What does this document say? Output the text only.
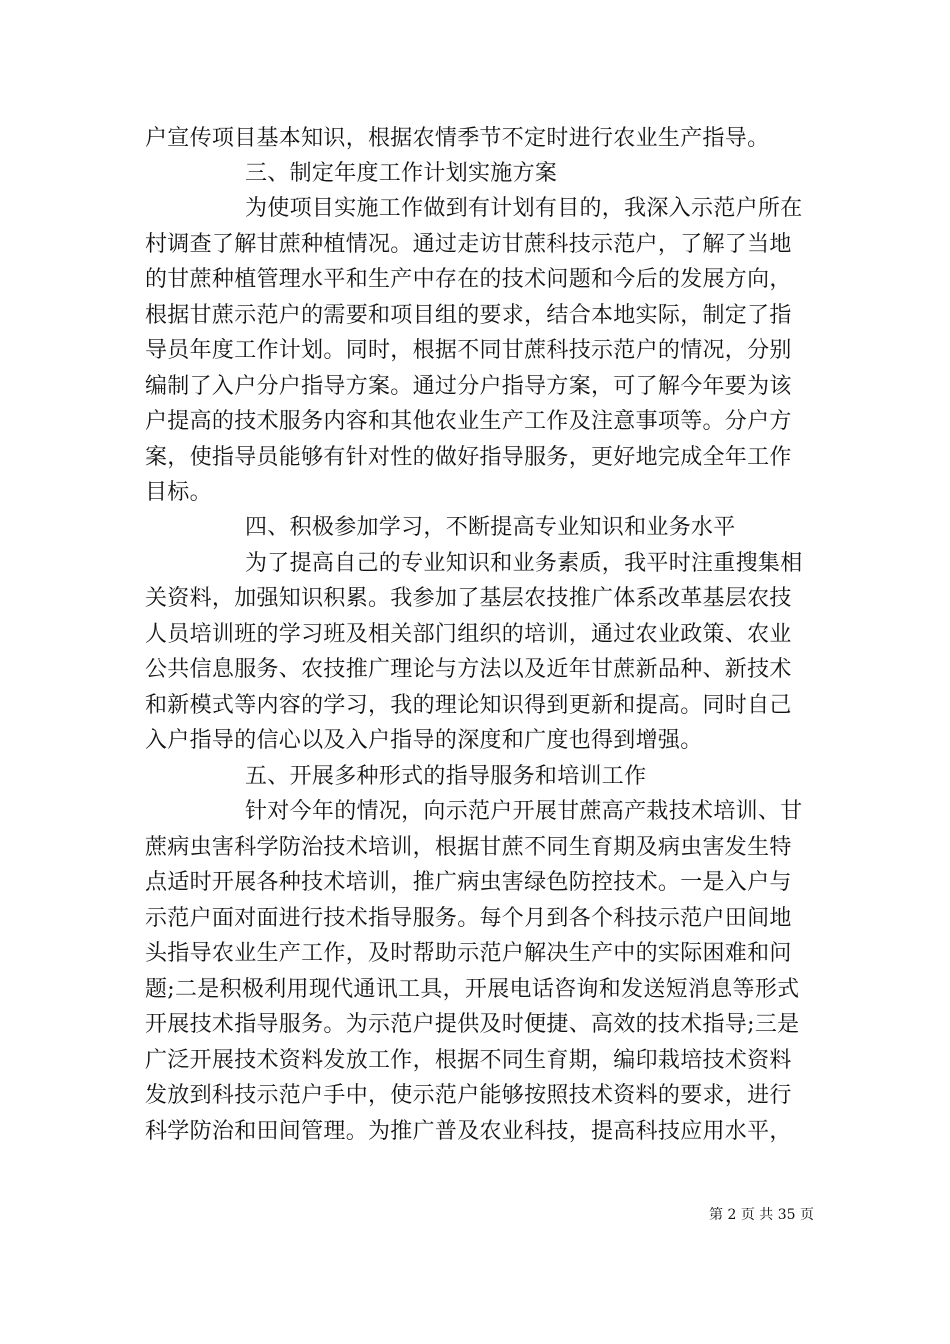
户宣传项目基本知识，根据农情季节不定时进行农业生产指导。
三、制定年度工作计划实施方案
为使项目实施工作做到有计划有目的，我深入示范户所在
村调查了解甘蔗种植情况。通过走访甘蔗科技示范户，了解了当地
的甘蔗种植管理水平和生产中存在的技术问题和今后的发展方向，
根据甘蔗示范户的需要和项目组的要求，结合本地实际，制定了指
导员年度工作计划。同时，根据不同甘蔗科技示范户的情况，分别
编制了入户分户指导方案。通过分户指导方案，可了解今年要为该
户提高的技术服务内容和其他农业生产工作及注意事项等。分户方
案，使指导员能够有针对性的做好指导服务，更好地完成全年工作
目标。
四、积极参加学习，不断提高专业知识和业务水平
为了提高自己的专业知识和业务素质，我平时注重搜集相
关资料，加强知识积累。我参加了基层农技推广体系改革基层农技
人员培训班的学习班及相关部门组织的培训，通过农业政策、农业
公共信息服务、农技推广理论与方法以及近年甘蔗新品种、新技术
和新模式等内容的学习，我的理论知识得到更新和提高。同时自己
入户指导的信心以及入户指导的深度和广度也得到增强。
五、开展多种形式的指导服务和培训工作
针对今年的情况，向示范户开展甘蔗高产栽技术培训、甘
蔗病虫害科学防治技术培训，根据甘蔗不同生育期及病虫害发生特
点适时开展各种技术培训，推广病虫害绿色防控技术。一是入户与
示范户面对面进行技术指导服务。每个月到各个科技示范户田间地
头指导农业生产工作，及时帮助示范户解决生产中的实际困难和问
题;二是积极利用现代通讯工具，开展电话咨询和发送短消息等形式
开展技术指导服务。为示范户提供及时便捷、高效的技术指导;三是
广泛开展技术资料发放工作，根据不同生育期，编印栽培技术资料
发放到科技示范户手中，使示范户能够按照技术资料的要求，进行
科学防治和田间管理。为推广普及农业科技，提高科技应用水平，
第 2 页 共 35 页
